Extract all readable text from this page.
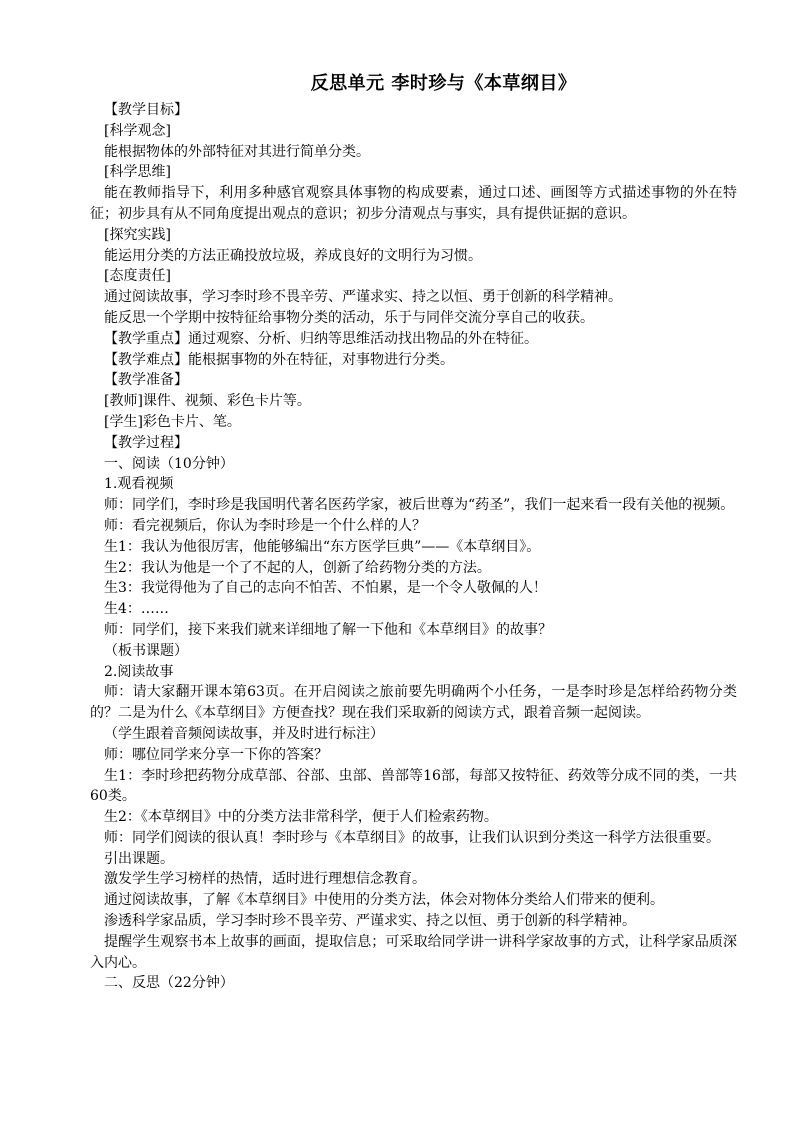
反思单元 李时珍与《本草纲目》

【教学目标】

[科学观念]

能根据物体的外部特征对其进行简单分类。

[科学思维]

能在教师指导下，利用多种感官观察具体事物的构成要素，通过口述、画图等方式描述事物的外在特征；初步具有从不同角度提出观点的意识；初步分清观点与事实，具有提供证据的意识。

[探究实践]

能运用分类的方法正确投放垃圾，养成良好的文明行为习惯。

[态度责任]

通过阅读故事，学习李时珍不畏辛劳、严谨求实、持之以恒、勇于创新的科学精神。

能反思一个学期中按特征给事物分类的活动，乐于与同伴交流分享自己的收获。

【教学重点】通过观察、分析、归纳等思维活动找出物品的外在特征。

【教学难点】能根据事物的外在特征，对事物进行分类。

【教学准备】

[教师]课件、视频、彩色卡片等。

[学生]彩色卡片、笔。

【教学过程】

一、阅读（10分钟）

1.观看视频

师：同学们，李时珍是我国明代著名医药学家，被后世尊为“药圣”，我们一起来看一段有关他的视频。

师：看完视频后，你认为李时珍是一个什么样的人？

生1：我认为他很厉害，他能够编出“东方医学巨典”——《本草纲目》。

生2：我认为他是一个了不起的人，创新了给药物分类的方法。

生3：我觉得他为了自己的志向不怕苦、不怕累，是一个令人敬佩的人！

生4：……

师：同学们，接下来我们就来详细地了解一下他和《本草纲目》的故事？

（板书课题）

2.阅读故事

师：请大家翻开课本第63页。在开启阅读之旅前要先明确两个小任务，一是李时珍是怎样给药物分类的？二是为什么《本草纲目》方便查找？现在我们采取新的阅读方式，跟着音频一起阅读。

（学生跟着音频阅读故事，并及时进行标注）

师：哪位同学来分享一下你的答案？

生1：李时珍把药物分成草部、谷部、虫部、兽部等16部，每部又按特征、药效等分成不同的类，一共60类。

生2：《本草纲目》中的分类方法非常科学，便于人们检索药物。

师：同学们阅读的很认真！李时珍与《本草纲目》的故事，让我们认识到分类这一科学方法很重要。

引出课题。

激发学生学习榜样的热情，适时进行理想信念教育。

通过阅读故事，了解《本草纲目》中使用的分类方法，体会对物体分类给人们带来的便利。

渗透科学家品质，学习李时珍不畏辛劳、严谨求实、持之以恒、勇于创新的科学精神。

提醒学生观察书本上故事的画面，提取信息；可采取给同学讲一讲科学家故事的方式，让科学家品质深入内心。

二、反思（22分钟）
